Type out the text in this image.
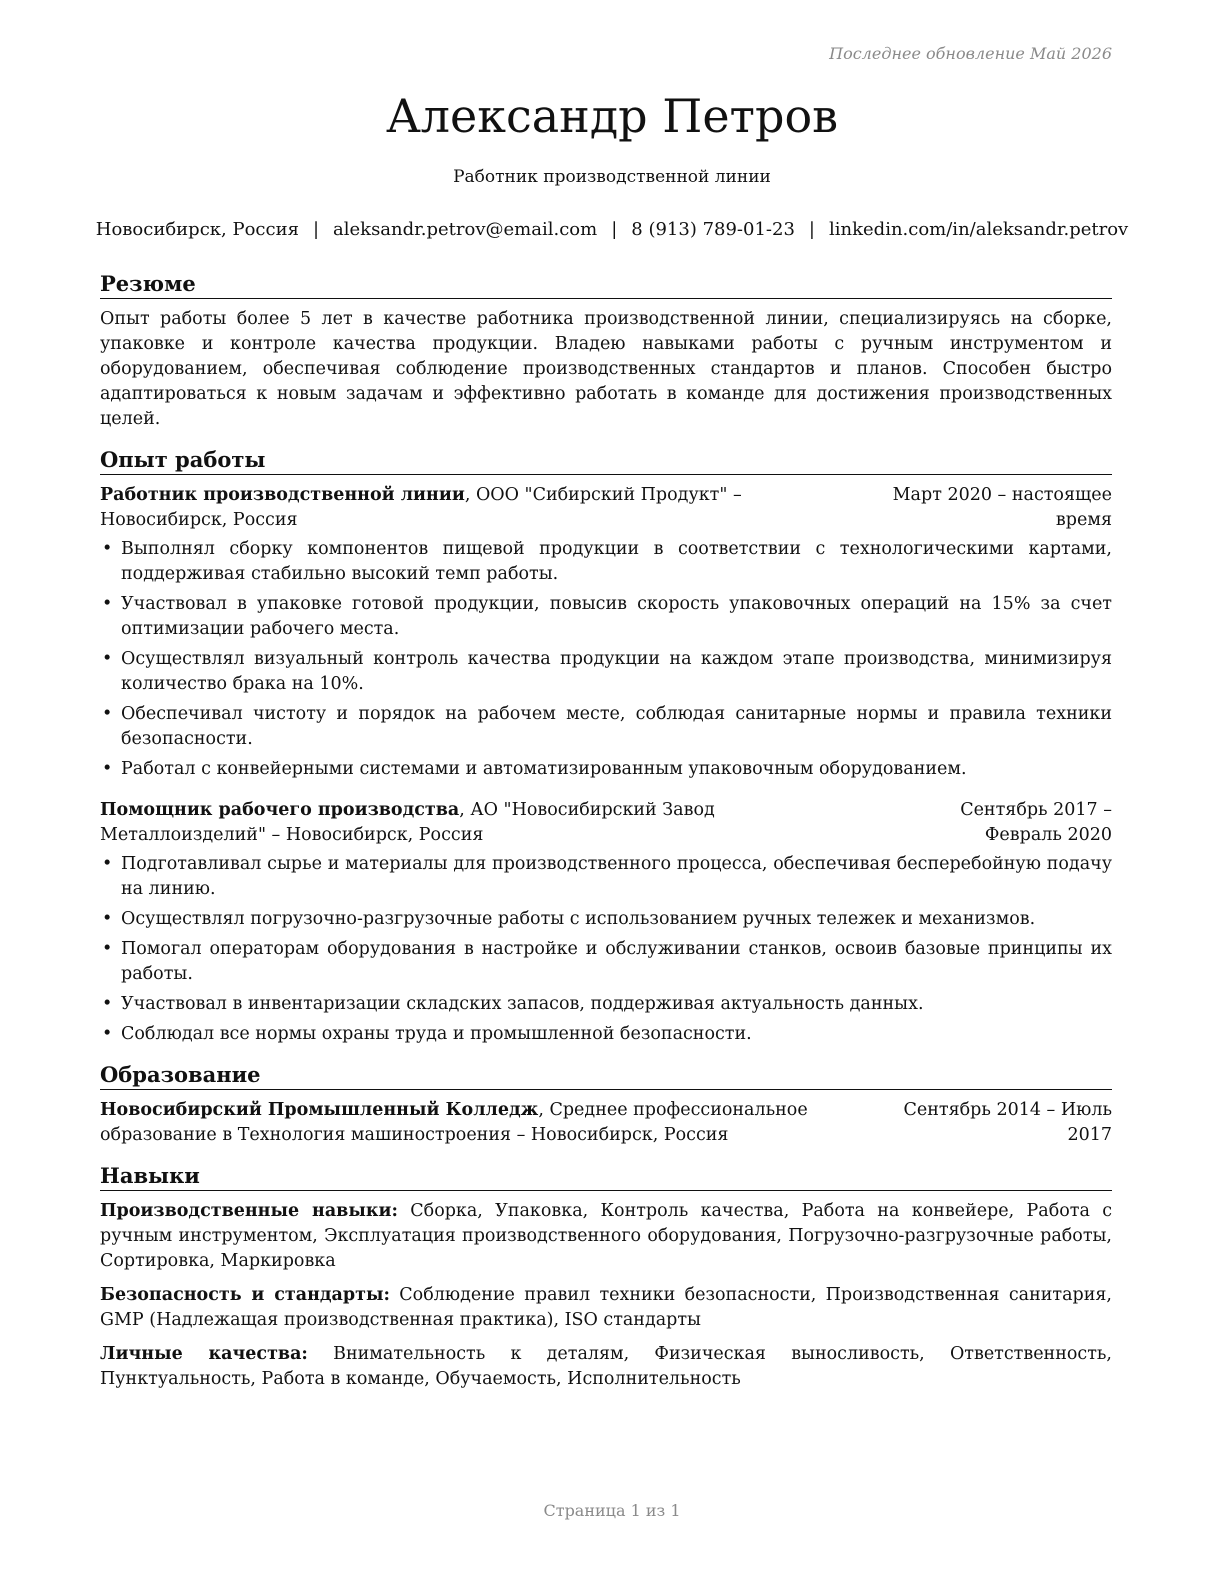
Последнее обновление Май 2026
Александр Петров
Работник производственной линии
Новосибирск, Россия | aleksandr.petrov@email.com | 8 (913) 789-01-23 | linkedin.com/in/aleksandr.petrov
Резюме

Опыт работы более 5 лет в качестве работника производственной линии, специализируясь на сборке, упаковке и контроле качества продукции. Владею навыками работы с ручным инструментом и оборудованием, обеспечивая соблюдение производственных стандартов и планов. Способен быстро адаптироваться к новым задачам и эффективно работать в команде для достижения производственных целей.

Опыт работы
Работник производственной линии, ООО "Сибирский Продукт" – Новосибирск, Россия
Март 2020 – настоящее время
• Выполнял сборку компонентов пищевой продукции в соответствии с технологическими картами, поддерживая стабильно высокий темп работы.
• Участвовал в упаковке готовой продукции, повысив скорость упаковочных операций на 15% за счет оптимизации рабочего места.
• Осуществлял визуальный контроль качества продукции на каждом этапе производства, минимизируя количество брака на 10%.
• Обеспечивал чистоту и порядок на рабочем месте, соблюдая санитарные нормы и правила техники безопасности.
• Работал с конвейерными системами и автоматизированным упаковочным оборудованием.
Помощник рабочего производства, АО "Новосибирский Завод Металлоизделий" – Новосибирск, Россия
Сентябрь 2017 – Февраль 2020
• Подготавливал сырье и материалы для производственного процесса, обеспечивая бесперебойную подачу на линию.
• Осуществлял погрузочно-разгрузочные работы с использованием ручных тележек и механизмов.
• Помогал операторам оборудования в настройке и обслуживании станков, освоив базовые принципы их работы.
• Участвовал в инвентаризации складских запасов, поддерживая актуальность данных.
• Соблюдал все нормы охраны труда и промышленной безопасности.
Образование
Новосибирский Промышленный Колледж, Среднее профессиональное образование в Технология машиностроения – Новосибирск, Россия
Сентябрь 2014 – Июль 2017
Навыки

Производственные навыки: Сборка, Упаковка, Контроль качества, Работа на конвейере, Работа с ручным инструментом, Эксплуатация производственного оборудования, Погрузочно-разгрузочные работы, Сортировка, Маркировка

Безопасность и стандарты: Соблюдение правил техники безопасности, Производственная санитария, GMP (Надлежащая производственная практика), ISO стандарты

Личные качества: Внимательность к деталям, Физическая выносливость, Ответственность, Пунктуальность, Работа в команде, Обучаемость, Исполнительность

Страница 1 из 1
